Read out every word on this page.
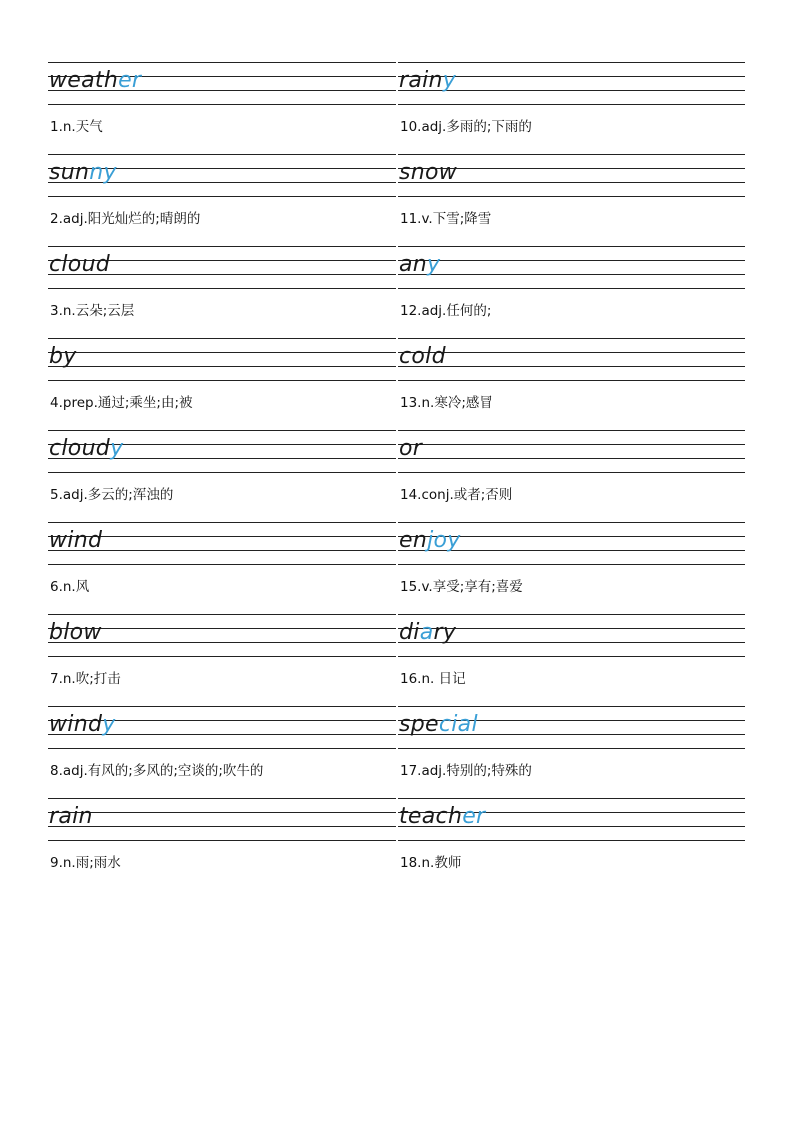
weather
1.n.天气
rainy
10.adj.多雨的;下雨的
sunny
2.adj.阳光灿烂的;晴朗的
snow
11.v.下雪;降雪
cloud
3.n.云朵;云层
any
12.adj.任何的;
by
4.prep.通过;乘坐;由;被
cold
13.n.寒冷;感冒
cloudy
5.adj.多云的;浑浊的
or
14.conj.或者;否则
wind
6.n.风
enjoy
15.v.享受;享有;喜爱
blow
7.n.吹;打击
diary
16.n. 日记
windy
8.adj.有风的;多风的;空谈的;吹牛的
special
17.adj.特别的;特殊的
rain
9.n.雨;雨水
teacher
18.n.教师
